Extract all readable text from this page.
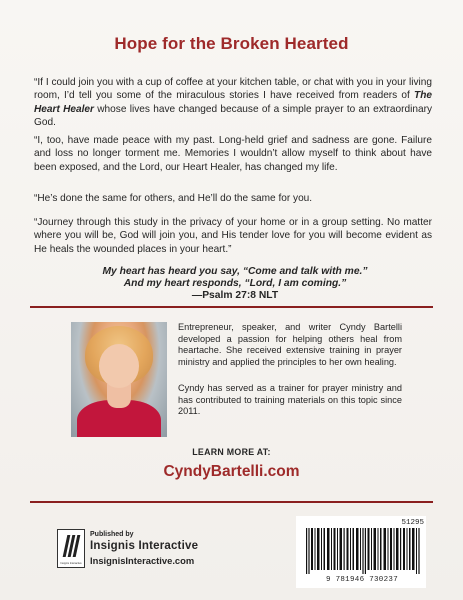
Hope for the Broken Hearted

“If I could join you with a cup of coffee at your kitchen table, or chat with you in your living room, I’d tell you some of the miraculous stories I have received from readers of The Heart Healer whose lives have changed because of a simple prayer to an extraordinary God.

“I, too, have made peace with my past. Long-held grief and sadness are gone. Failure and loss no longer torment me. Memories I wouldn’t allow myself to think about have been exposed, and the Lord, our Heart Healer, has changed my life.

“He’s done the same for others, and He’ll do the same for you.

“Journey through this study in the privacy of your home or in a group setting. No matter where you will be, God will join you, and His tender love for you will become evident as He heals the wounded places in your heart.”

My heart has heard you say, “Come and talk with me.”
And my heart responds, “Lord, I am coming.”
—Psalm 27:8 NLT

Entrepreneur, speaker, and writer Cyndy Bartelli developed a passion for helping others heal from heartache. She received extensive training in prayer ministry and applied the principles to her own healing.

Cyndy has served as a trainer for prayer ministry and has contributed to training materials on this topic since 2011.

LEARN MORE AT:
CyndyBartelli.com
Insignis Interactive
Published by
Insignis Interactive
InsignisInteractive.com
51295
9 781946 730237
